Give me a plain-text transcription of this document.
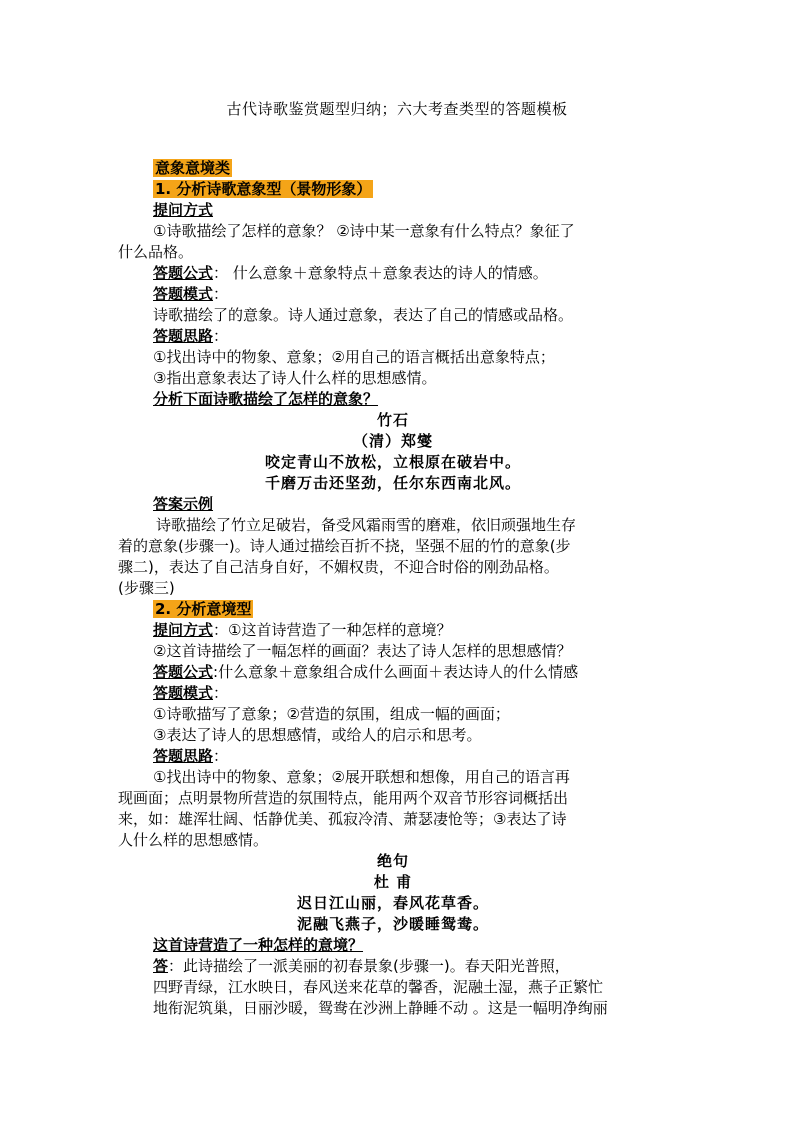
古代诗歌鉴赏题型归纳；六大考查类型的答题模板
意象意境类
1. 分析诗歌意象型（景物形象）
提问方式
①诗歌描绘了怎样的意象？ ②诗中某一意象有什么特点？象征了
什么品格。
答题公式： 什么意象＋意象特点＋意象表达的诗人的情感。
答题模式：
诗歌描绘了的意象。诗人通过意象，表达了自己的情感或品格。
答题思路：
①找出诗中的物象、意象；②用自己的语言概括出意象特点；
③指出意象表达了诗人什么样的思想感情。
分析下面诗歌描绘了怎样的意象？
竹石
（清）郑燮
咬定青山不放松，立根原在破岩中。
千磨万击还坚劲，任尔东西南北风。
答案示例
诗歌描绘了竹立足破岩，备受风霜雨雪的磨难，依旧顽强地生存
着的意象(步骤一)。诗人通过描绘百折不挠，坚强不屈的竹的意象(步
骤二)，表达了自己洁身自好，不媚权贵，不迎合时俗的刚劲品格。
(步骤三)
2. 分析意境型
提问方式：①这首诗营造了一种怎样的意境？
②这首诗描绘了一幅怎样的画面？表达了诗人怎样的思想感情？
答题公式:什么意象＋意象组合成什么画面＋表达诗人的什么情感
答题模式：
①诗歌描写了意象；②营造的氛围，组成一幅的画面；
③表达了诗人的思想感情，或给人的启示和思考。
答题思路：
①找出诗中的物象、意象；②展开联想和想像，用自己的语言再
现画面；点明景物所营造的氛围特点，能用两个双音节形容词概括出
来，如：雄浑壮阔、恬静优美、孤寂冷清、萧瑟凄怆等；③表达了诗
人什么样的思想感情。
绝句
杜 甫
迟日江山丽，春风花草香。
泥融飞燕子，沙暖睡鸳鸯。
这首诗营造了一种怎样的意境？
答：此诗描绘了一派美丽的初春景象(步骤一)。春天阳光普照，
四野青绿，江水映日，春风送来花草的馨香，泥融土湿，燕子正繁忙
地衔泥筑巢，日丽沙暖，鸳鸯在沙洲上静睡不动 。这是一幅明净绚丽
